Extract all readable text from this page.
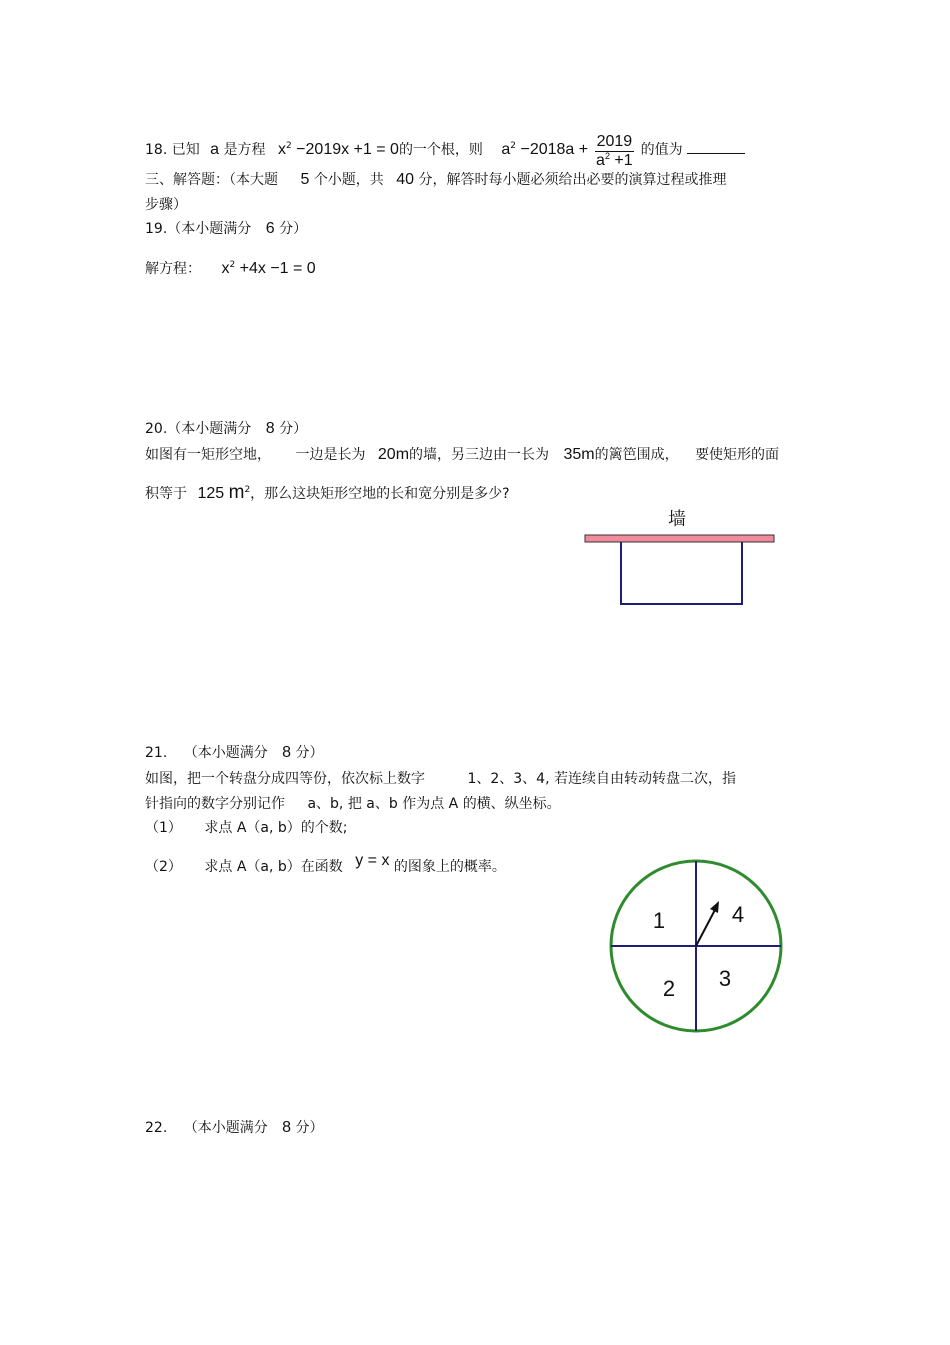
18. 已知 a 是方程 $x^2 -2019x +1 = 0$的一个根，则 $a^2 -2018a + \frac{2019}{a^2 +1}$ 的值为
三、解答题：（本大题 5 个小题，共 40 分，解答时每小题必须给出必要的演算过程或推理
步骤）
19.（本小题满分 6 分）
解方程： $x^2 +4x -1 = 0$
20.（本小题满分 8 分）
如图有一矩形空地， 一边是长为 20m的墙，另三边由一长为 35m的篱笆围成， 要使矩形的面
积等于 125 $m^2$，那么这块矩形空地的长和宽分别是多少?
墙
21. （本小题满分 8 分）
如图，把一个转盘分成四等份，依次标上数字	1、2、3、4, 若连续自由转动转盘二次，指
针指向的数字分别记作 a、b, 把 a、b 作为点 A 的横、纵坐标。
（1） 求点 A（a, b）的个数;
（2） 求点 A（a, b）在函数 y = x 的图象上的概率。
1	4
2 3
22. （本小题满分 8 分）
